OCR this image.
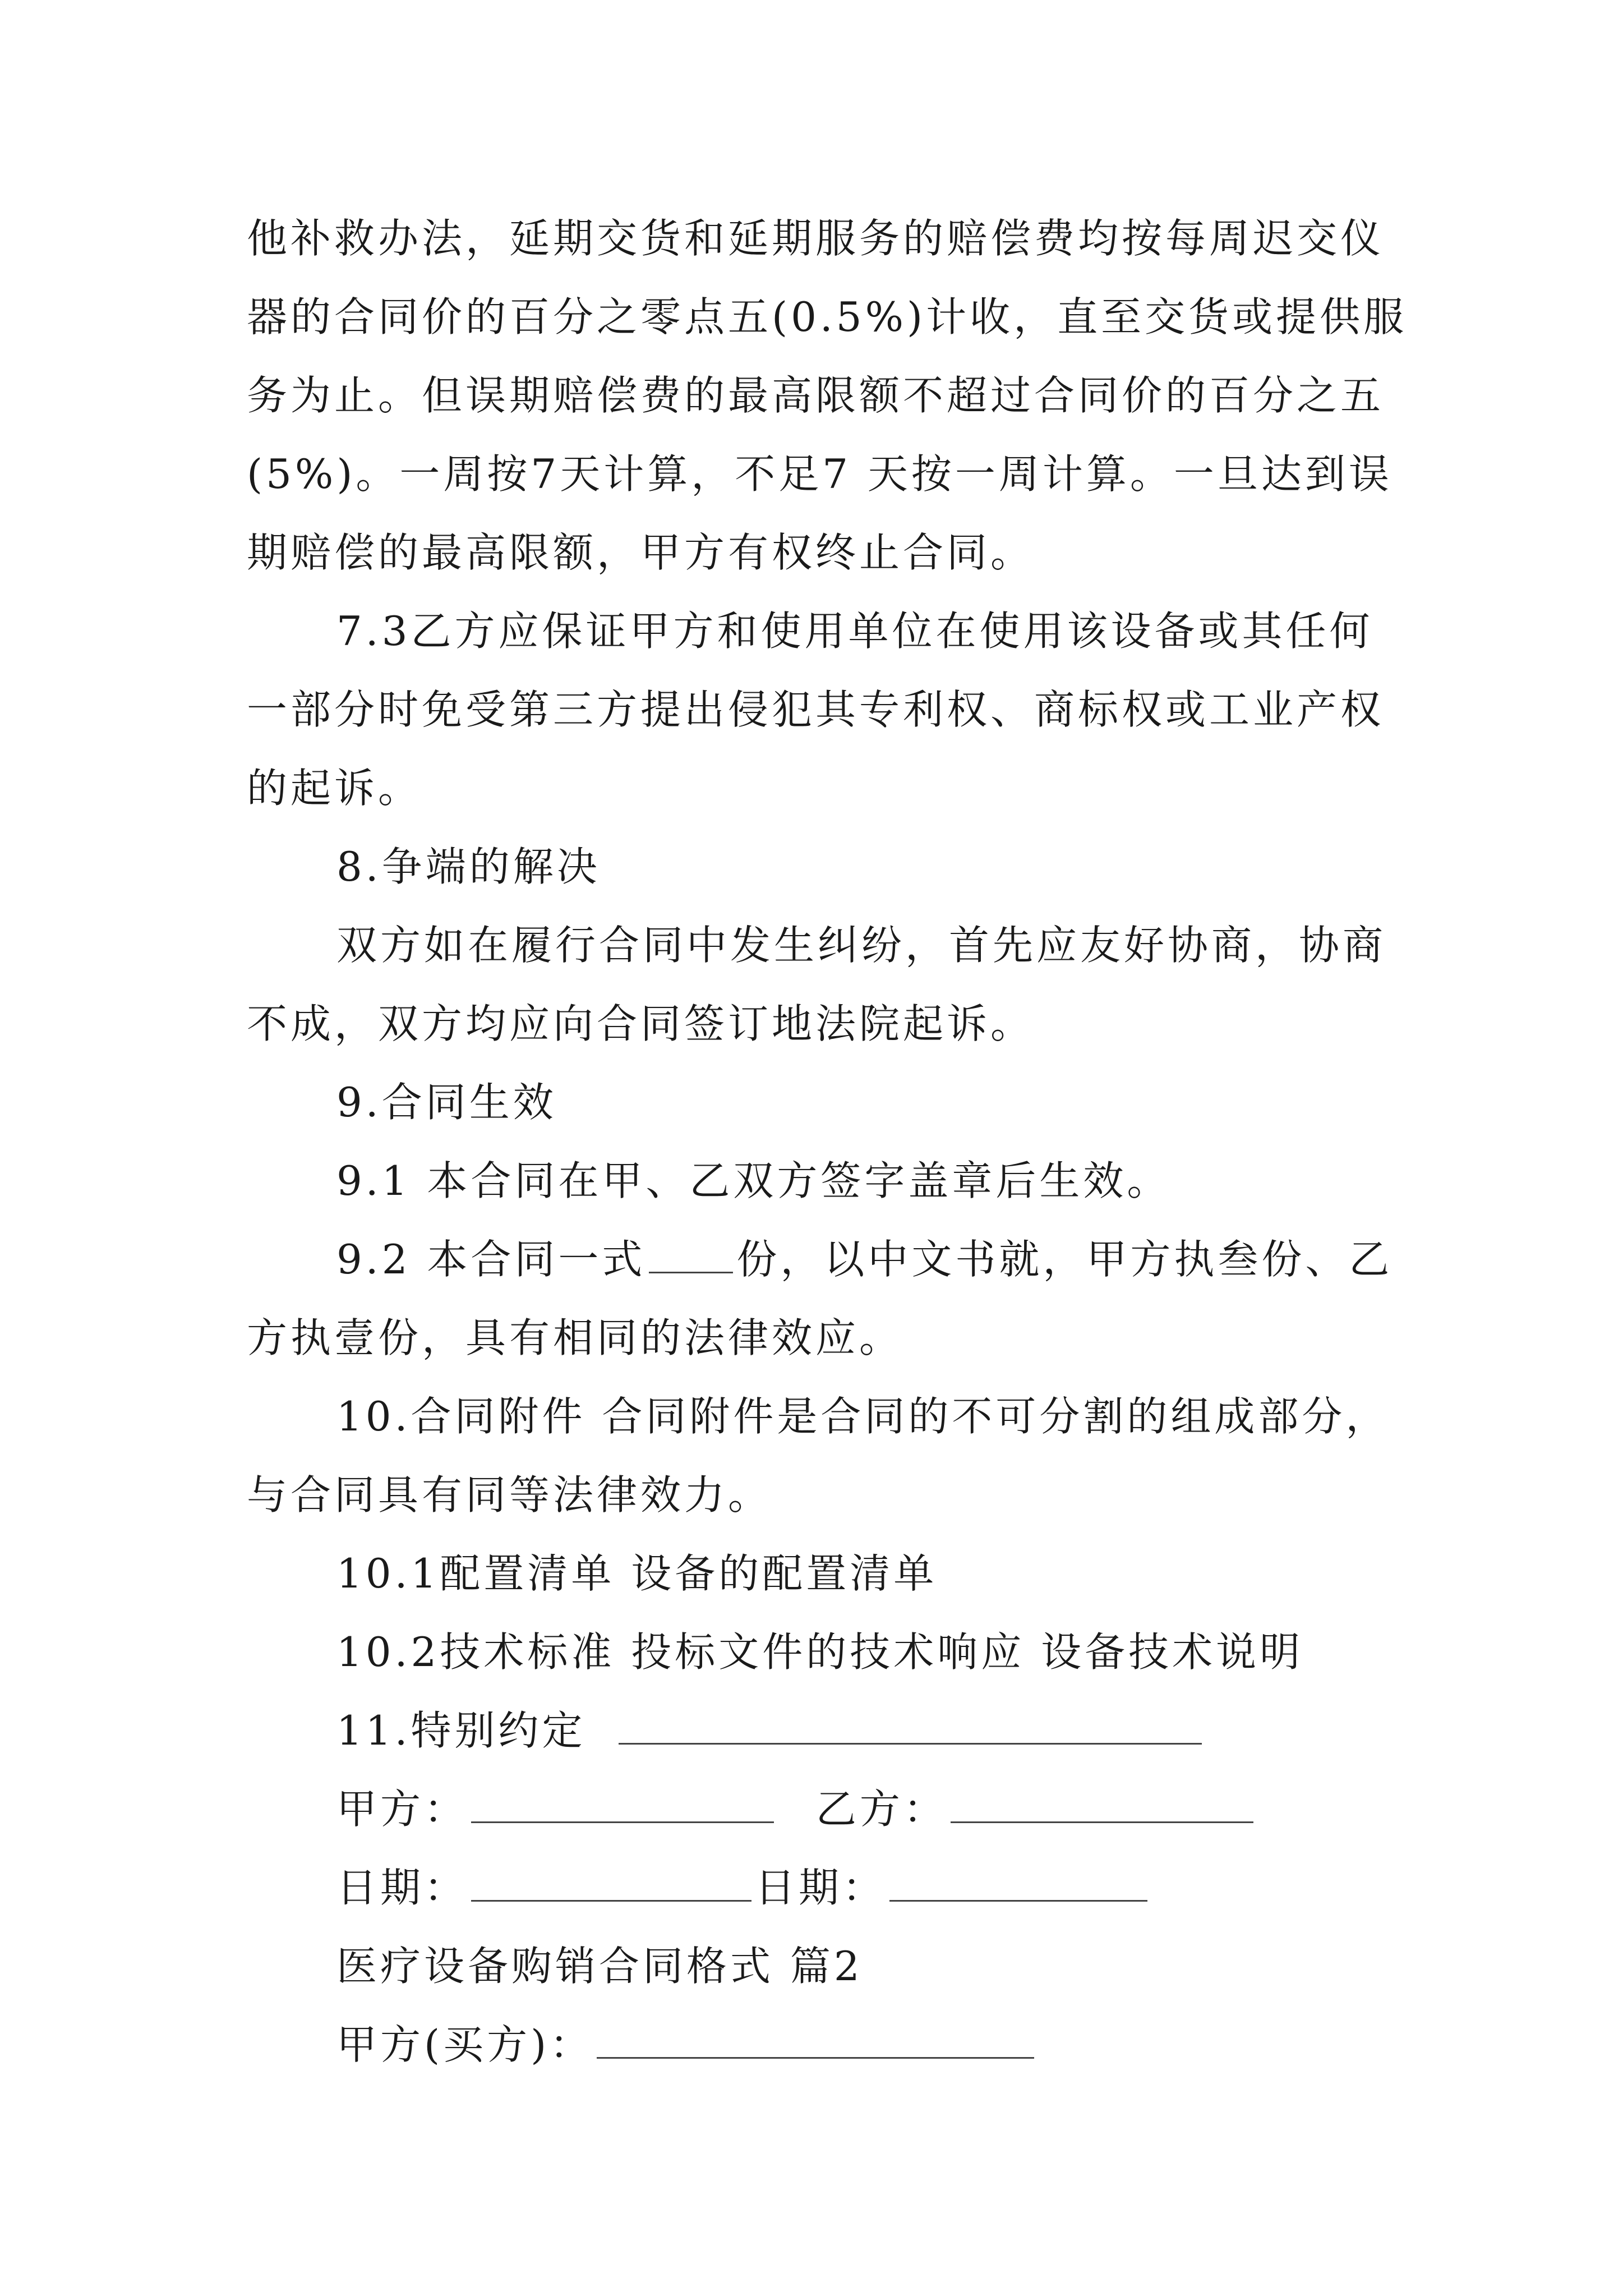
他补救办法，延期交货和延期服务的赔偿费均按每周迟交仪
器的合同价的百分之零点五(0.5%)计收，直至交货或提供服
务为止。但误期赔偿费的最高限额不超过合同价的百分之五
(5%)。一周按7天计算，不足7 天按一周计算。一旦达到误
期赔偿的最高限额，甲方有权终止合同。
7.3乙方应保证甲方和使用单位在使用该设备或其任何
一部分时免受第三方提出侵犯其专利权、商标权或工业产权
的起诉。
8.争端的解决
双方如在履行合同中发生纠纷，首先应友好协商，协商
不成，双方均应向合同签订地法院起诉。
9.合同生效
9.1 本合同在甲、乙双方签字盖章后生效。
9.2 本合同一式 份，以中文书就，甲方执叁份、乙
方执壹份，具有相同的法律效应。
10.合同附件 合同附件是合同的不可分割的组成部分，
与合同具有同等法律效力。
10.1配置清单 设备的配置清单
10.2技术标准 投标文件的技术响应 设备技术说明
11.特别约定
甲方：	乙方：
日期：	日期：
医疗设备购销合同格式 篇2
甲方(买方)：
